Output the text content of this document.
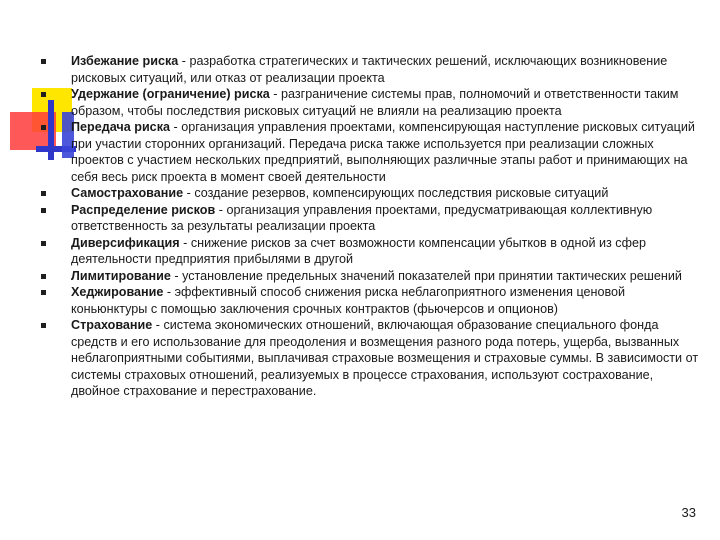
Избежание риска - разработка стратегических и тактических решений, исключающих возникновение рисковых ситуаций, или отказ от реализации проекта
Удержание (ограничение) риска - разграничение системы прав, полномочий и ответственности таким образом, чтобы последствия рисковых ситуаций не влияли на реализацию проекта
Передача риска - организация управления проектами, компенсирующая наступление рисковых ситуаций при участии сторонних организаций. Передача риска также используется при реализации сложных проектов с участием нескольких предприятий, выполняющих различные этапы работ и принимающих на себя весь риск проекта в момент своей деятельности
Самострахование - создание резервов, компенсирующих последствия рисковые ситуаций
Распределение рисков - организация управления проектами, предусматривающая коллективную ответственность за результаты реализации проекта
Диверсификация - снижение рисков за счет возможности компенсации убытков в одной из сфер деятельности предприятия прибылями в другой
Лимитирование - установление предельных значений показателей при принятии тактических решений
Хеджирование - эффективный способ снижения риска неблагоприятного изменения ценовой коньюнктуры с помощью заключения срочных контрактов (фьючерсов и опционов)
Страхование - система экономических отношений, включающая образование специального фонда средств и его использование для преодоления и возмещения разного рода потерь, ущерба, вызванных неблагоприятными событиями, выплачивая страховые возмещения и страховые суммы. В зависимости от системы страховых отношений, реализуемых в процессе страхования, используют сострахование, двойное страхование и перестрахование.
33
